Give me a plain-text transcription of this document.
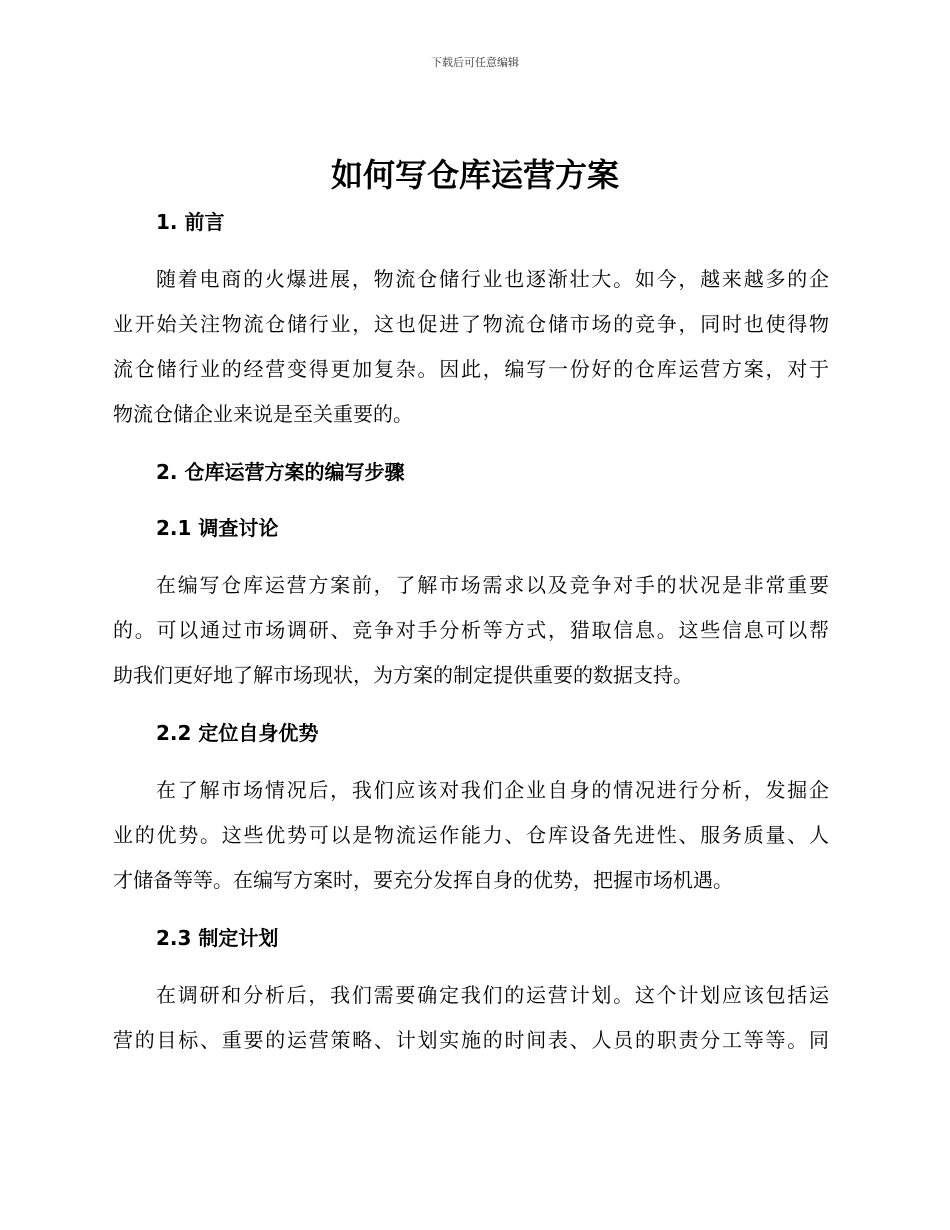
下载后可任意编辑
如何写仓库运营方案
1. 前言
随着电商的火爆进展，物流仓储行业也逐渐壮大。如今，越来越多的企
业开始关注物流仓储行业，这也促进了物流仓储市场的竞争，同时也使得物
流仓储行业的经营变得更加复杂。因此，编写一份好的仓库运营方案，对于
物流仓储企业来说是至关重要的。
2. 仓库运营方案的编写步骤
2.1 调查讨论
在编写仓库运营方案前，了解市场需求以及竞争对手的状况是非常重要
的。可以通过市场调研、竞争对手分析等方式，猎取信息。这些信息可以帮
助我们更好地了解市场现状，为方案的制定提供重要的数据支持。
2.2 定位自身优势
在了解市场情况后，我们应该对我们企业自身的情况进行分析，发掘企
业的优势。这些优势可以是物流运作能力、仓库设备先进性、服务质量、人
才储备等等。在编写方案时，要充分发挥自身的优势，把握市场机遇。
2.3 制定计划
在调研和分析后，我们需要确定我们的运营计划。这个计划应该包括运
营的目标、重要的运营策略、计划实施的时间表、人员的职责分工等等。同
